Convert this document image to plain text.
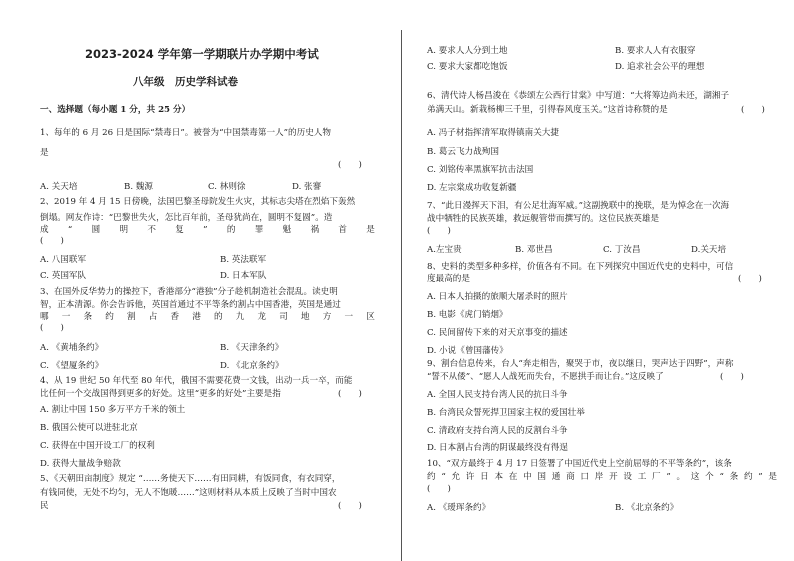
2023-2024 学年第一学期联片办学期中考试
八年级　历史学科试卷
一、选择题（每小题 1 分，共 25 分）
1、每年的 6 月 26 日是国际“禁毒日”。被誉为“中国禁毒第一人”的历史人物
是
(　　)
A. 关天培	B. 魏源	C. 林则徐	D. 张謇
2、2019 年 4 月 15 日傍晚，法国巴黎圣母院发生火灾，其标志尖塔在烈焰下轰然
倒塌。网友作诗：“巴黎世失火，怎比百年前，圣母犹尚在，圆明不复圆”。造
成 “ 圆 明 不 复 ” 的 罪 魁 祸 首 是
(　　)
A. 八国联军	B. 英法联军
C. 英国军队	D. 日本军队
3、在国外反华势力的操控下，香港部分“港独”分子趁机制造社会混乱。读史明
智，正本清源。你会告诉他，英国首通过不平等条约割占中国香港，英国是通过
哪 一 条 约 割 占 香 港 的 九 龙 司 地 方 一 区
(　　)
A. 《黄埔条约》	B. 《天津条约》
C. 《望厦条约》	D. 《北京条约》
4、从 19 世纪 50 年代至 80 年代，俄国不需要花费一文钱，出动一兵一卒，而能
比任何一个交战国得到更多的好处。这里“更多的好处”主要是指	(　　)
A. 割让中国 150 多万平方千米的领土
B. 俄国公使可以进驻北京
C. 获得在中国开设工厂的权利
D. 获得大量战争赔款
5、《天朝田亩制度》规定 “……务使天下……有田同耕，有饭同食，有衣同穿，
有钱同使，无处不均匀，无人不饱暖……”这则材料从本质上反映了当时中国农
民	(　　)
A. 要求人人分到土地	B. 要求人人有衣服穿
C. 要求大家都吃饱饭	D. 追求社会公平的理想
6、清代诗人杨昌浚在《恭颂左公西行甘棠》中写道：“大将筹边尚未还，湖湘子
弟满天山。新栽杨柳三千里，引得春风度玉关。”这首诗称赞的是	(　　)
A. 冯子材指挥清军取得镇南关大捷
B. 葛云飞力战殉国
C. 刘铭传率黑旗军抗击法国
D. 左宗棠成功收复新疆
7、“此日漫挥天下泪，有公足壮海军威。”这副挽联中的挽联，是为悼念在一次海
战中牺牲的民族英雄，救远舰管带而撰写的。这位民族英雄是
(　　)
A.左宝贵	B. 邓世昌	C. 丁汝昌	D.关天培
8、史料的类型多种多样，价值各有不同。在下列探究中国近代史的史料中，可信
度最高的是	(　　)
A. 日本人拍摄的旅顺大屠杀时的照片
B. 电影《虎门销烟》
C. 民间留传下来的对天京事变的描述
D. 小说《曾国藩传》
9、割台信息传来，台人“奔走相告，聚哭于市，夜以继日，哭声达于四野”，声称
“誓不从倭”、“愿人人战死而失台，不愿拱手而让台。”这反映了	(　　)
A. 全国人民支持台湾人民的抗日斗争
B. 台湾民众誓死捍卫国家主权的爱国壮举
C. 清政府支持台湾人民的反割台斗争
D. 日本割占台湾的阴谋最终没有得逞
10、“双方最终于 4 月 17 日签署了中国近代史上空前屈辱的不平等条约”，该条
约 “ 允 许 日 本 在 中 国 通 商 口 岸 开 设 工 厂 ” 。 这 个 “ 条 约 ” 是
(　　)
A. 《瑷珲条约》	B. 《北京条约》
